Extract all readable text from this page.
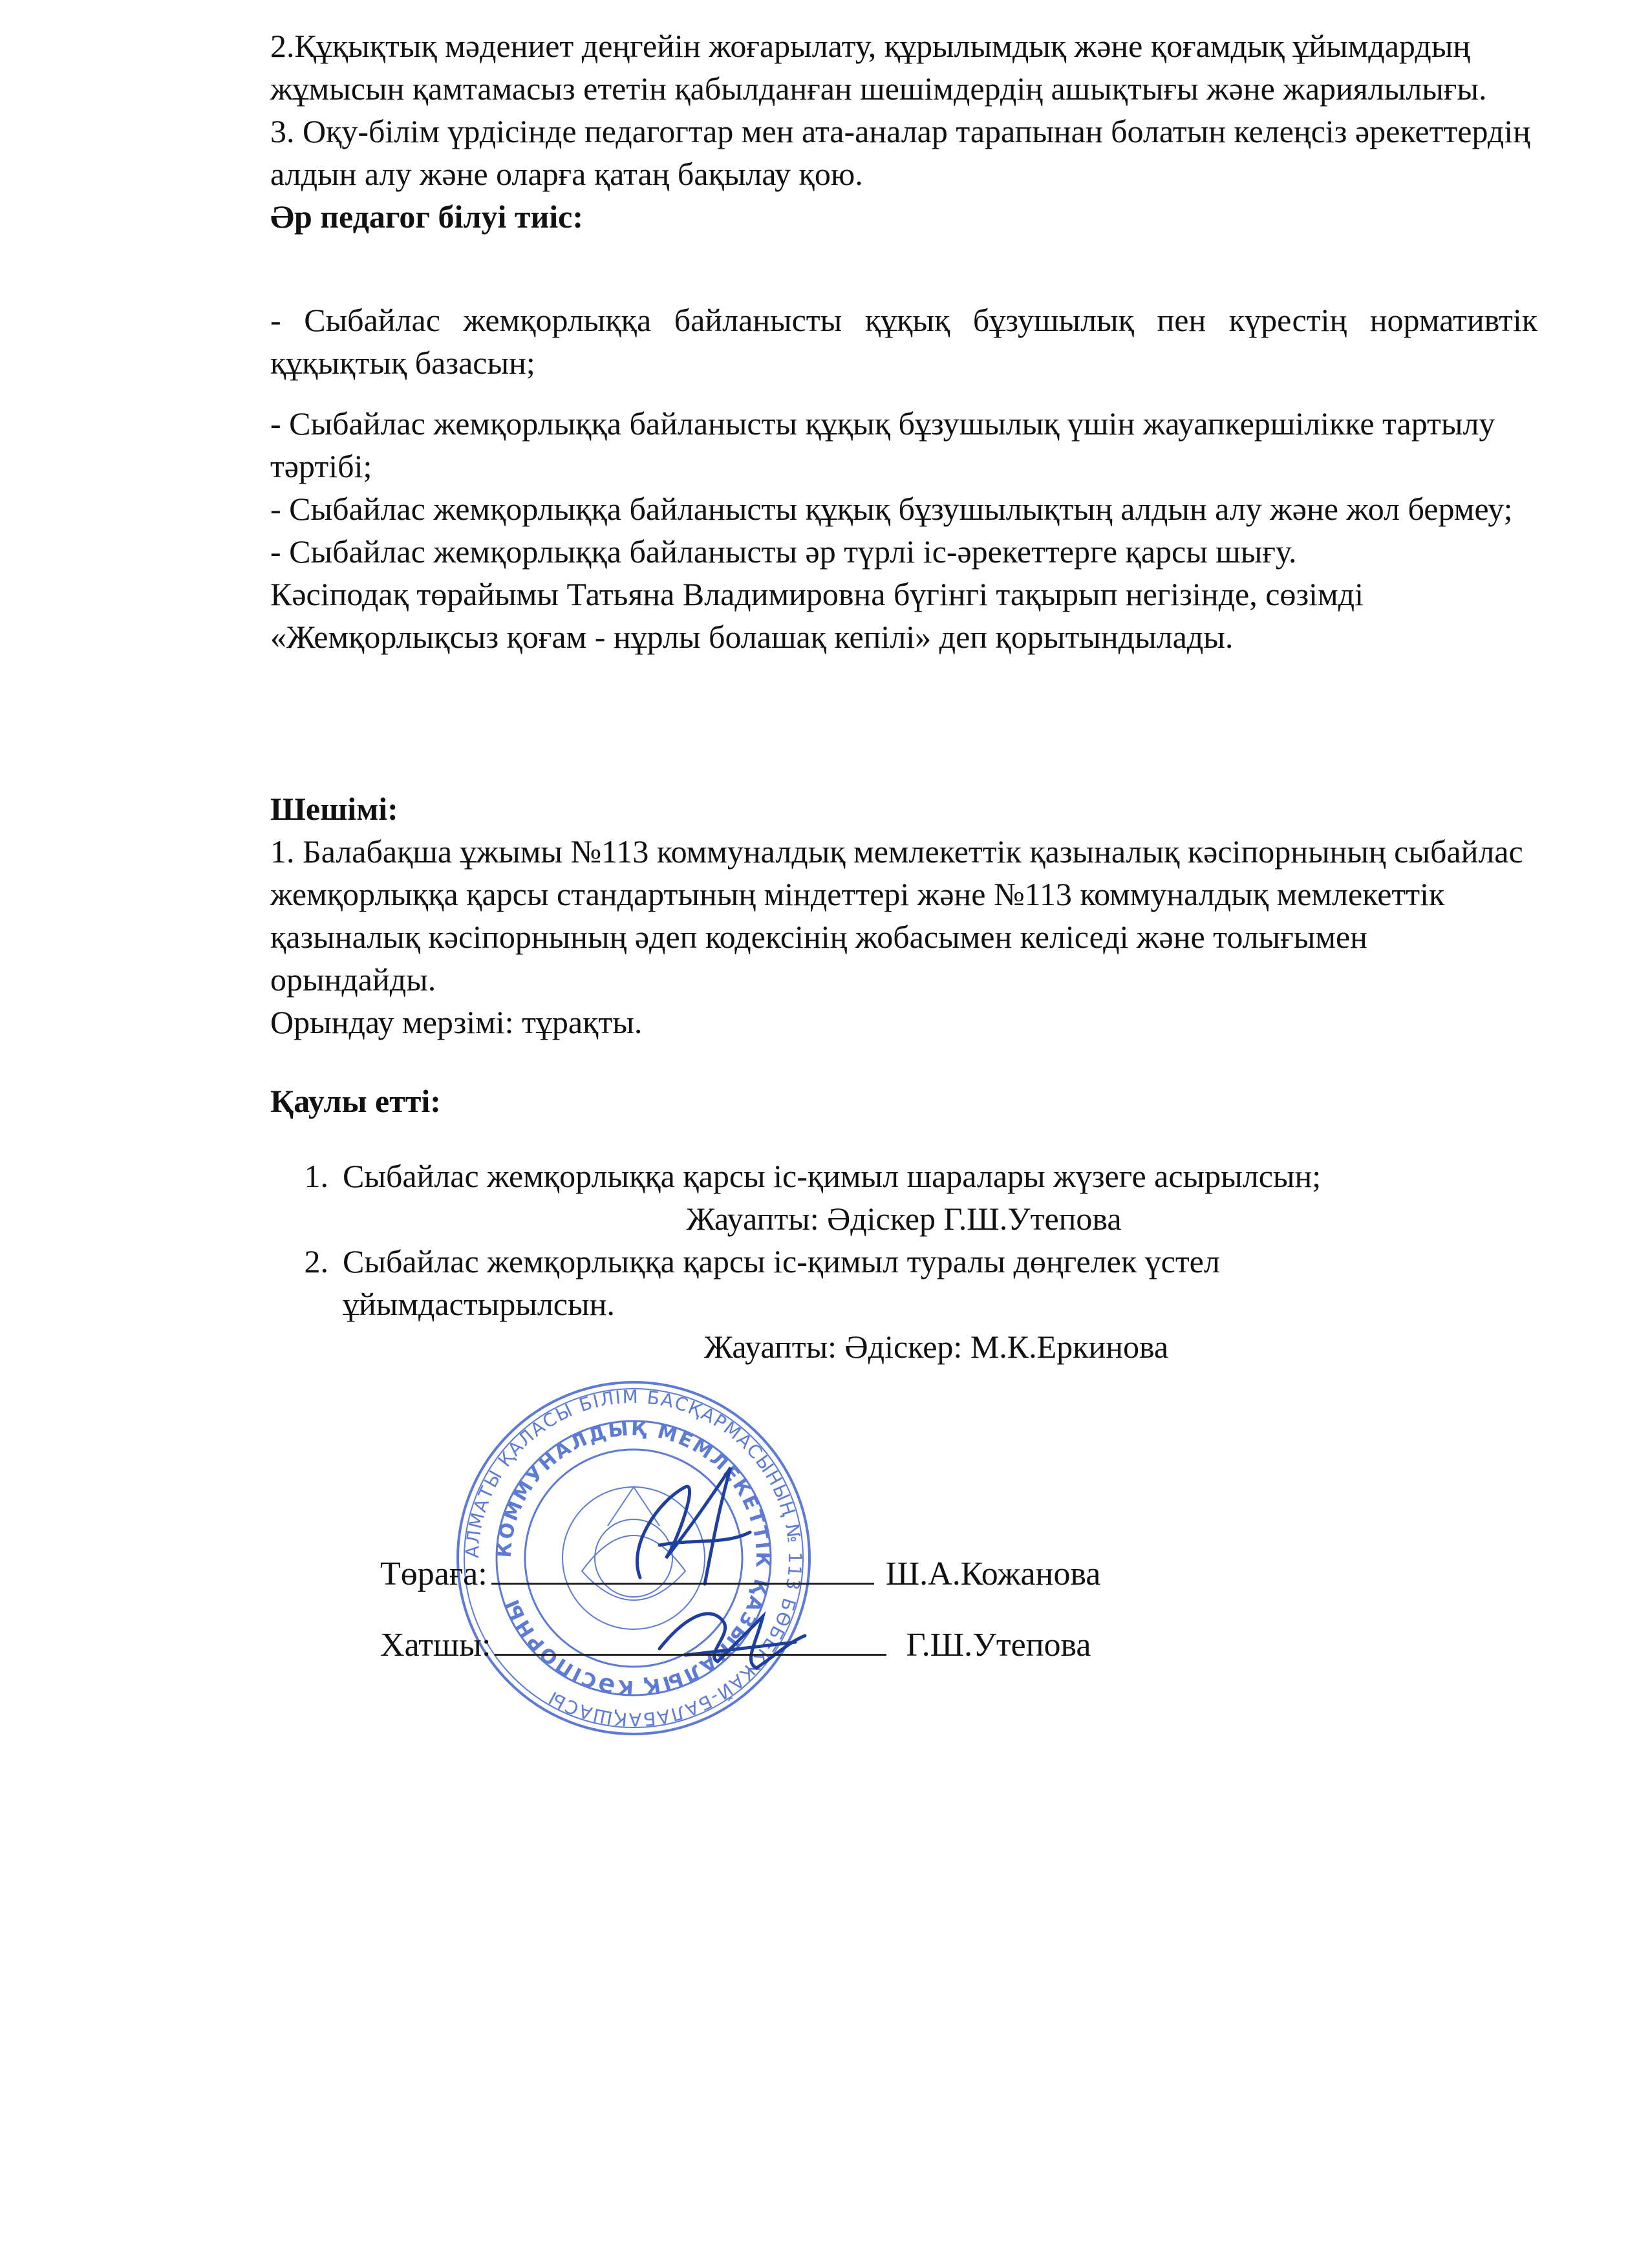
2.Құқықтық мәдениет деңгейін жоғарылату, құрылымдық және қоғамдық ұйымдардың жұмысын қамтамасыз ететін қабылданған шешімдердің ашықтығы және жариялылығы.

3. Оқу-білім үрдісінде педагогтар мен ата-аналар тарапынан болатын келеңсіз әрекеттердің алдын алу және оларға қатаң бақылау қою.

Әр педагог білуі тиіс:

- Сыбайлас жемқорлыққа байланысты құқық бұзушылық пен күрестің нормативтік құқықтық базасын;

- Сыбайлас жемқорлыққа байланысты құқық бұзушылық үшін жауапкершілікке тартылу тәртібі;

- Сыбайлас жемқорлыққа байланысты құқық бұзушылықтың алдын алу және жол бермеу;

- Сыбайлас жемқорлыққа байланысты әр түрлі іс-әрекеттерге қарсы шығу.

Кәсіподақ төрайымы Татьяна Владимировна бүгінгі тақырып негізінде, сөзімді «Жемқорлықсыз қоғам - нұрлы болашақ кепілі» деп қорытындылады.

Шешімі:

1. Балабақша ұжымы №113 коммуналдық мемлекеттік қазыналық кәсіпорнының сыбайлас жемқорлыққа қарсы стандартының міндеттері және №113 коммуналдық мемлекеттік қазыналық кәсіпорнының әдеп кодексінің жобасымен келіседі және толығымен орындайды.

Орындау мерзімі: тұрақты.

Қаулы етті:

1. Сыбайлас жемқорлыққа қарсы іс-қимыл шаралары жүзеге асырылсын;
Жауапты: Әдіскер Г.Ш.Утепова
2. Сыбайлас жемқорлыққа қарсы іс-қимыл туралы дөңгелек үстел ұйымдастырылсын.
Жауапты: Әдіскер: М.К.Еркинова
АЛМАТЫ ҚАЛАСЫ БІЛІМ БАСҚАРМАСЫНЫҢ № 113 БӨБЕКЖАЙ-БАЛАБАҚШАСЫ
КОММУНАЛДЫҚ МЕМЛЕКЕТТІК ҚАЗЫНАЛЫҚ КӘСІПОРНЫ
Төраға:	Ш.А.Кожанова
Хатшы:	Г.Ш.Утепова
